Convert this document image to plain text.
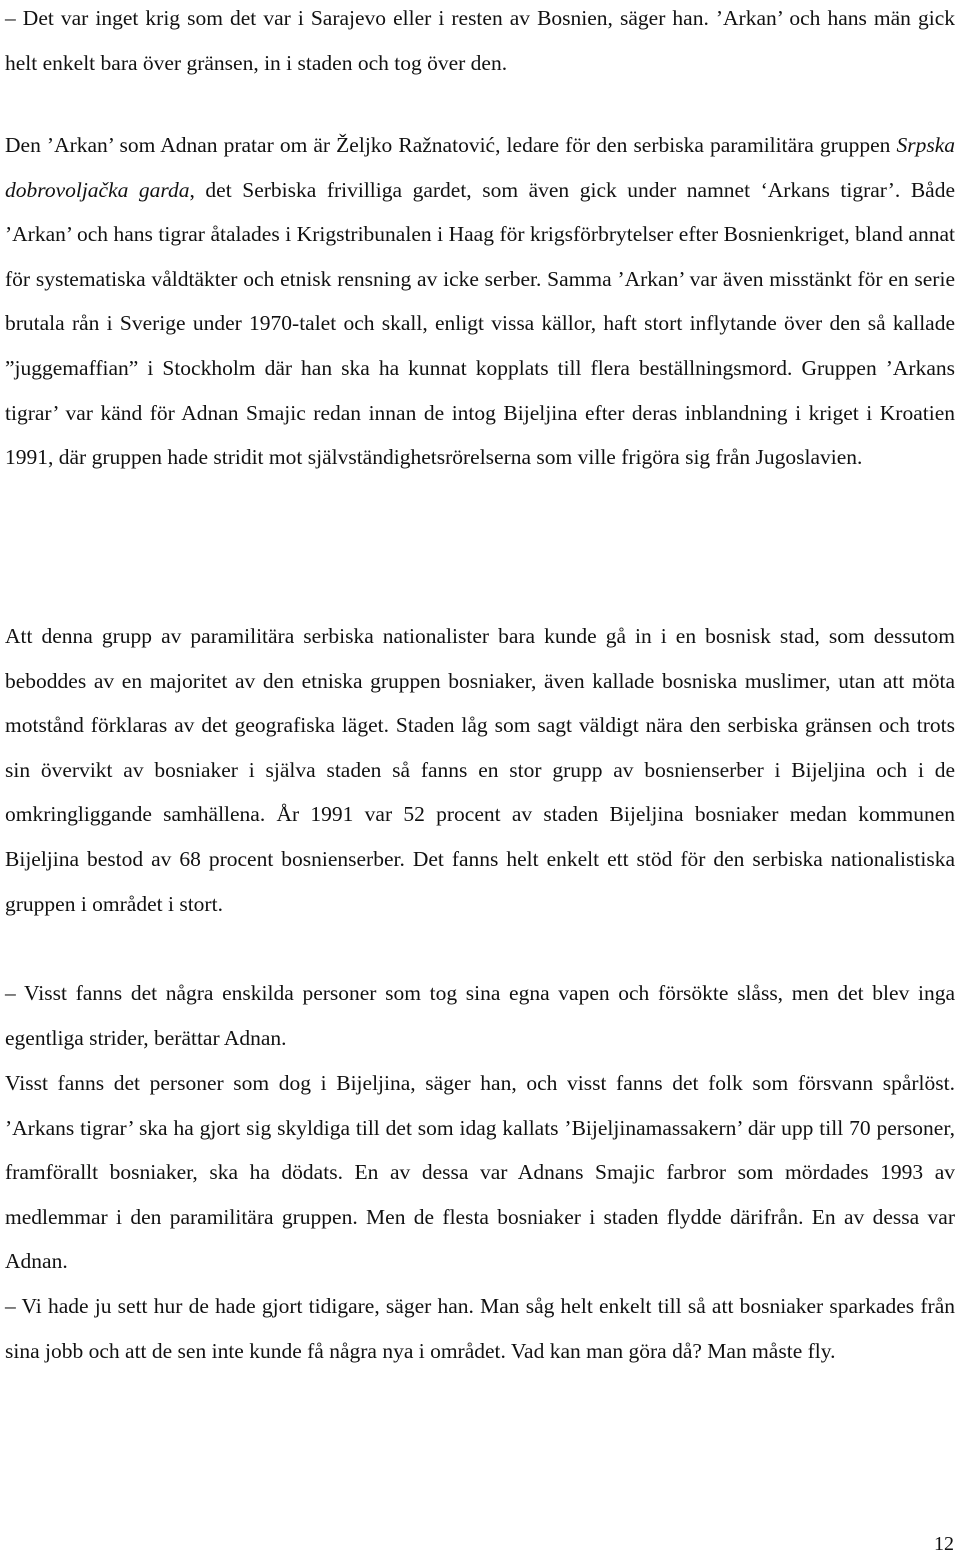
– Det var inget krig som det var i Sarajevo eller i resten av Bosnien, säger han. ’Arkan’ och hans män gick helt enkelt bara över gränsen, in i staden och tog över den.

Den ’Arkan’ som Adnan pratar om är Željko Ražnatović, ledare för den serbiska paramilitära gruppen Srpska dobrovoljačka garda, det Serbiska frivilliga gardet, som även gick under namnet ‘Arkans tigrar’. Både ’Arkan’ och hans tigrar åtalades i Krigstribunalen i Haag för krigsförbrytelser efter Bosnienkriget, bland annat för systematiska våldtäkter och etnisk rensning av icke serber. Samma ’Arkan’ var även misstänkt för en serie brutala rån i Sverige under 1970-talet och skall, enligt vissa källor, haft stort inflytande över den så kallade ”juggemaffian” i Stockholm där han ska ha kunnat kopplats till flera beställningsmord. Gruppen ’Arkans tigrar’ var känd för Adnan Smajic redan innan de intog Bijeljina efter deras inblandning i kriget i Kroatien 1991, där gruppen hade stridit mot självständighetsrörelserna som ville frigöra sig från Jugoslavien.

Att denna grupp av paramilitära serbiska nationalister bara kunde gå in i en bosnisk stad, som dessutom beboddes av en majoritet av den etniska gruppen bosniaker, även kallade bosniska muslimer, utan att möta motstånd förklaras av det geografiska läget. Staden låg som sagt väldigt nära den serbiska gränsen och trots sin övervikt av bosniaker i själva staden så fanns en stor grupp av bosnienserber i Bijeljina och i de omkringliggande samhällena. År 1991 var 52 procent av staden Bijeljina bosniaker medan kommunen Bijeljina bestod av 68 procent bosnienserber. Det fanns helt enkelt ett stöd för den serbiska nationalistiska gruppen i området i stort.

– Visst fanns det några enskilda personer som tog sina egna vapen och försökte slåss, men det blev inga egentliga strider, berättar Adnan.

Visst fanns det personer som dog i Bijeljina, säger han, och visst fanns det folk som försvann spårlöst. ’Arkans tigrar’ ska ha gjort sig skyldiga till det som idag kallats ’Bijeljinamassakern’ där upp till 70 personer, framförallt bosniaker, ska ha dödats. En av dessa var Adnans Smajic farbror som mördades 1993 av medlemmar i den paramilitära gruppen. Men de flesta bosniaker i staden flydde därifrån. En av dessa var Adnan.

– Vi hade ju sett hur de hade gjort tidigare, säger han. Man såg helt enkelt till så att bosniaker sparkades från sina jobb och att de sen inte kunde få några nya i området. Vad kan man göra då? Man måste fly.

12
